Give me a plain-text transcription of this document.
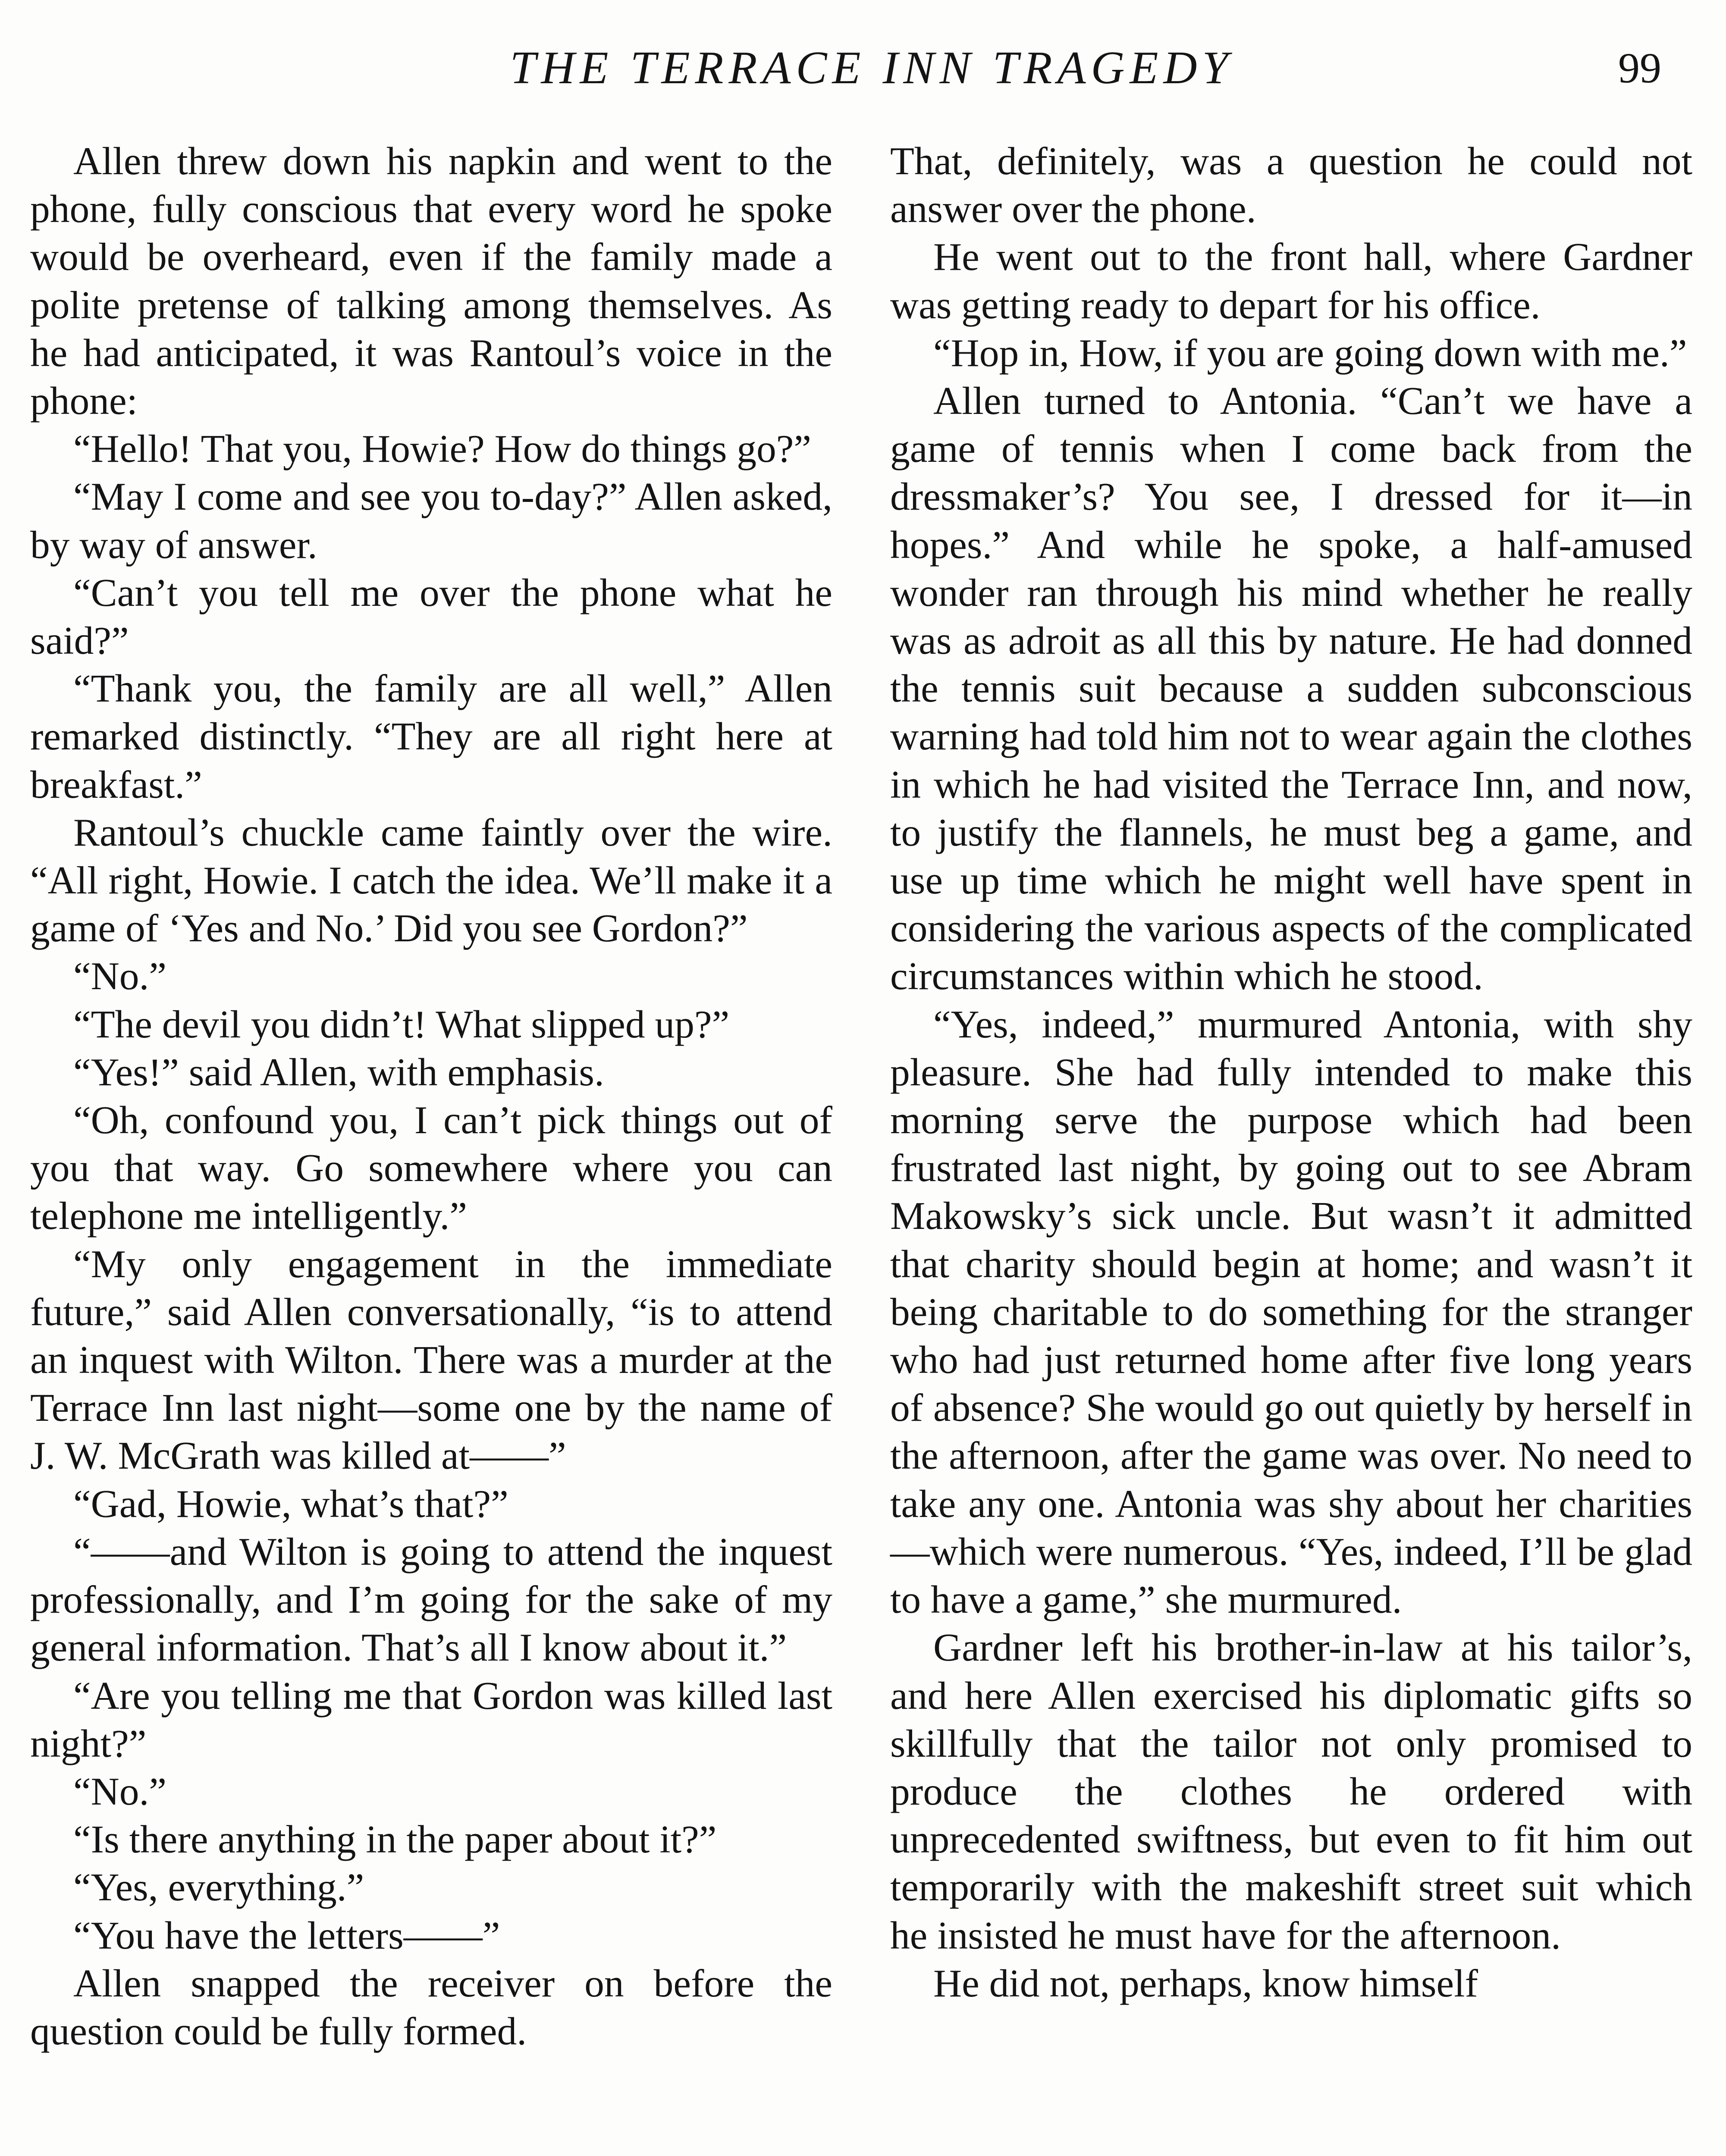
THE TERRACE INN TRAGEDY	99

Allen threw down his napkin and went to the phone, fully conscious that every word he spoke would be overheard, even if the family made a polite pretense of talking among themselves. As he had anticipated, it was Rantoul’s voice in the phone:

“Hello! That you, Howie? How do things go?”

“May I come and see you to-day?” Allen asked, by way of answer.

“Can’t you tell me over the phone what he said?”

“Thank you, the family are all well,” Allen remarked distinctly. “They are all right here at breakfast.”

Rantoul’s chuckle came faintly over the wire. “All right, Howie. I catch the idea. We’ll make it a game of ‘Yes and No.’ Did you see Gordon?”

“No.”

“The devil you didn’t! What slipped up?”

“Yes!” said Allen, with emphasis.

“Oh, confound you, I can’t pick things out of you that way. Go somewhere where you can telephone me intelligently.”

“My only engagement in the immediate future,” said Allen conversationally, “is to attend an inquest with Wilton. There was a murder at the Terrace Inn last night—some one by the name of J. W. McGrath was killed at——”

“Gad, Howie, what’s that?”

“——and Wilton is going to attend the inquest professionally, and I’m going for the sake of my general information. That’s all I know about it.”

“Are you telling me that Gordon was killed last night?”

“No.”

“Is there anything in the paper about it?”

“Yes, everything.”

“You have the letters——”

Allen snapped the receiver on before the question could be fully formed.

That, definitely, was a question he could not answer over the phone.

He went out to the front hall, where Gardner was getting ready to depart for his office.

“Hop in, How, if you are going down with me.”

Allen turned to Antonia. “Can’t we have a game of tennis when I come back from the dressmaker’s? You see, I dressed for it—in hopes.” And while he spoke, a half-amused wonder ran through his mind whether he really was as adroit as all this by nature. He had donned the tennis suit because a sudden subconscious warning had told him not to wear again the clothes in which he had visited the Terrace Inn, and now, to justify the flannels, he must beg a game, and use up time which he might well have spent in considering the various aspects of the complicated circumstances within which he stood.

“Yes, indeed,” murmured Antonia, with shy pleasure. She had fully intended to make this morning serve the purpose which had been frustrated last night, by going out to see Abram Makowsky’s sick uncle. But wasn’t it admitted that charity should begin at home; and wasn’t it being charitable to do something for the stranger who had just returned home after five long years of absence? She would go out quietly by herself in the afternoon, after the game was over. No need to take any one. Antonia was shy about her charities—which were numerous. “Yes, indeed, I’ll be glad to have a game,” she murmured.

Gardner left his brother-in-law at his tailor’s, and here Allen exercised his diplomatic gifts so skillfully that the tailor not only promised to produce the clothes he ordered with unprecedented swiftness, but even to fit him out temporarily with the makeshift street suit which he insisted he must have for the afternoon.

He did not, perhaps, know himself
